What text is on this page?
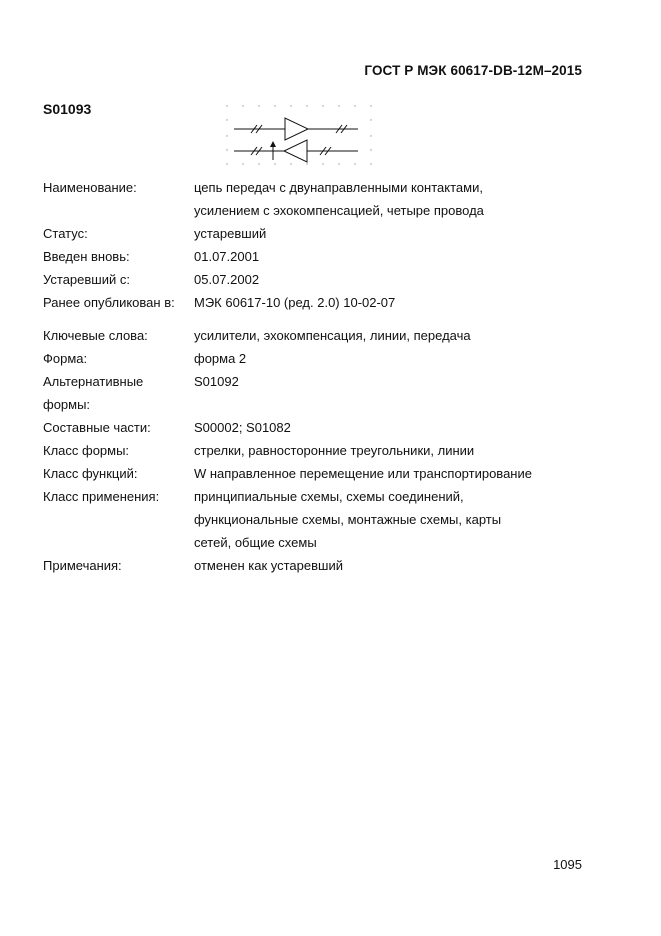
ГОСТ Р МЭК 60617-DB-12M–2015
S01093
Наименование:	цепь передач с двунаправленными контактами,
усилением с эхокомпенсацией, четыре провода
Статус:	устаревший
Введен вновь:	01.07.2001
Устаревший с:	05.07.2002
Ранее опубликован в:	МЭК 60617-10 (ред. 2.0) 10-02-07
Ключевые слова:	усилители, эхокомпенсация, линии, передача
Форма:	форма 2
Альтернативные формы:
S01092
Составные части:	S00002; S01082
Класс формы:	стрелки, равносторонние треугольники, линии
Класс функций:	W направленное перемещение или транспортирование
Класс применения:	принципиальные схемы, схемы соединений,
функциональные схемы, монтажные схемы, карты
сетей, общие схемы
Примечания:	отменен как устаревший
1095
